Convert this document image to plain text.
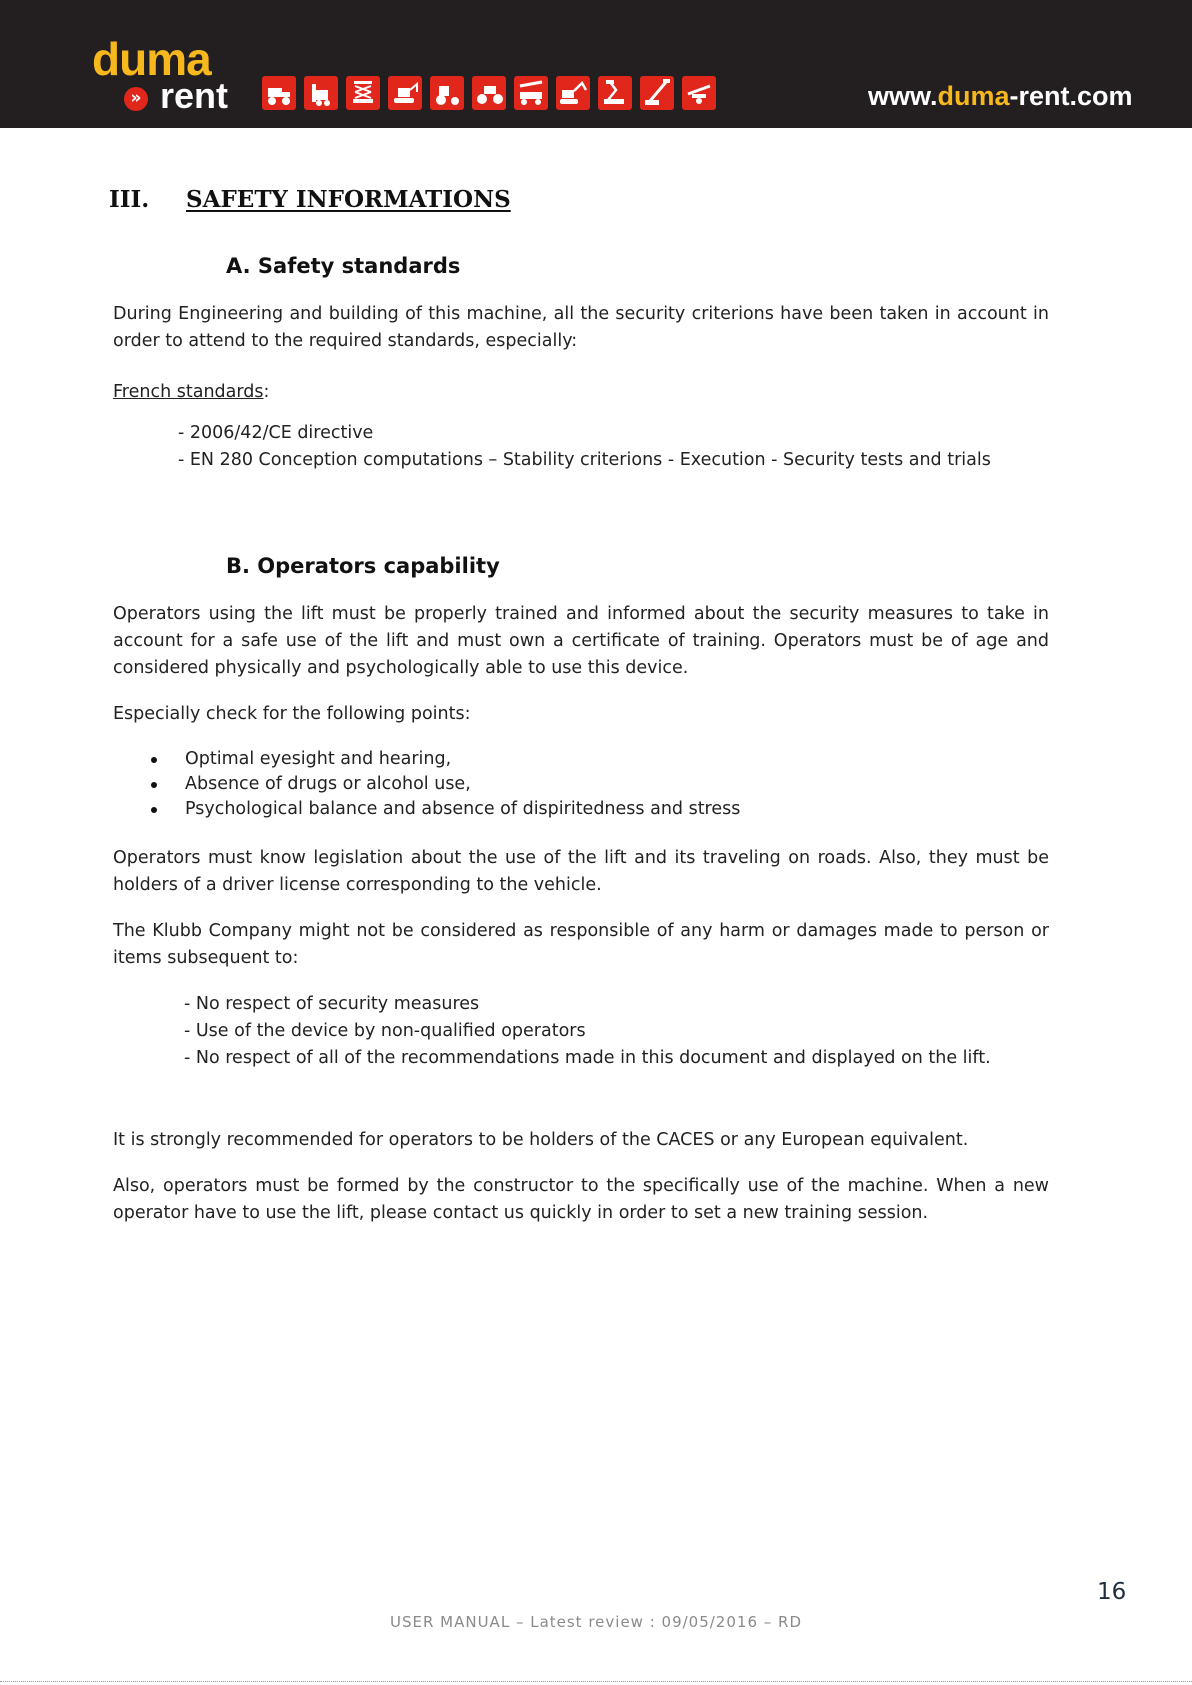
duma
rent
»	www.duma-rent.com
III. SAFETY INFORMATIONS
A. Safety standards

During Engineering and building of this machine, all the security criterions have been taken in account in order to attend to the required standards, especially:

French standards:

- 2006/42/CE directive

- EN 280 Conception computations – Stability criterions - Execution - Security tests and trials

B. Operators capability

Operators using the lift must be properly trained and informed about the security measures to take in account for a safe use of the lift and must own a certificate of training. Operators must be of age and considered physically and psychologically able to use this device.

Especially check for the following points:

Optimal eyesight and hearing,
Absence of drugs or alcohol use,
Psychological balance and absence of dispiritedness and stress

Operators must know legislation about the use of the lift and its traveling on roads. Also, they must be holders of a driver license corresponding to the vehicle.

The Klubb Company might not be considered as responsible of any harm or damages made to person or items subsequent to:

- No respect of security measures

- Use of the device by non-qualified operators

- No respect of all of the recommendations made in this document and displayed on the lift.

It is strongly recommended for operators to be holders of the CACES or any European equivalent.

Also, operators must be formed by the constructor to the specifically use of the machine. When a new operator have to use the lift, please contact us quickly in order to set a new training session.

16
USER MANUAL – Latest review : 09/05/2016 – RD
